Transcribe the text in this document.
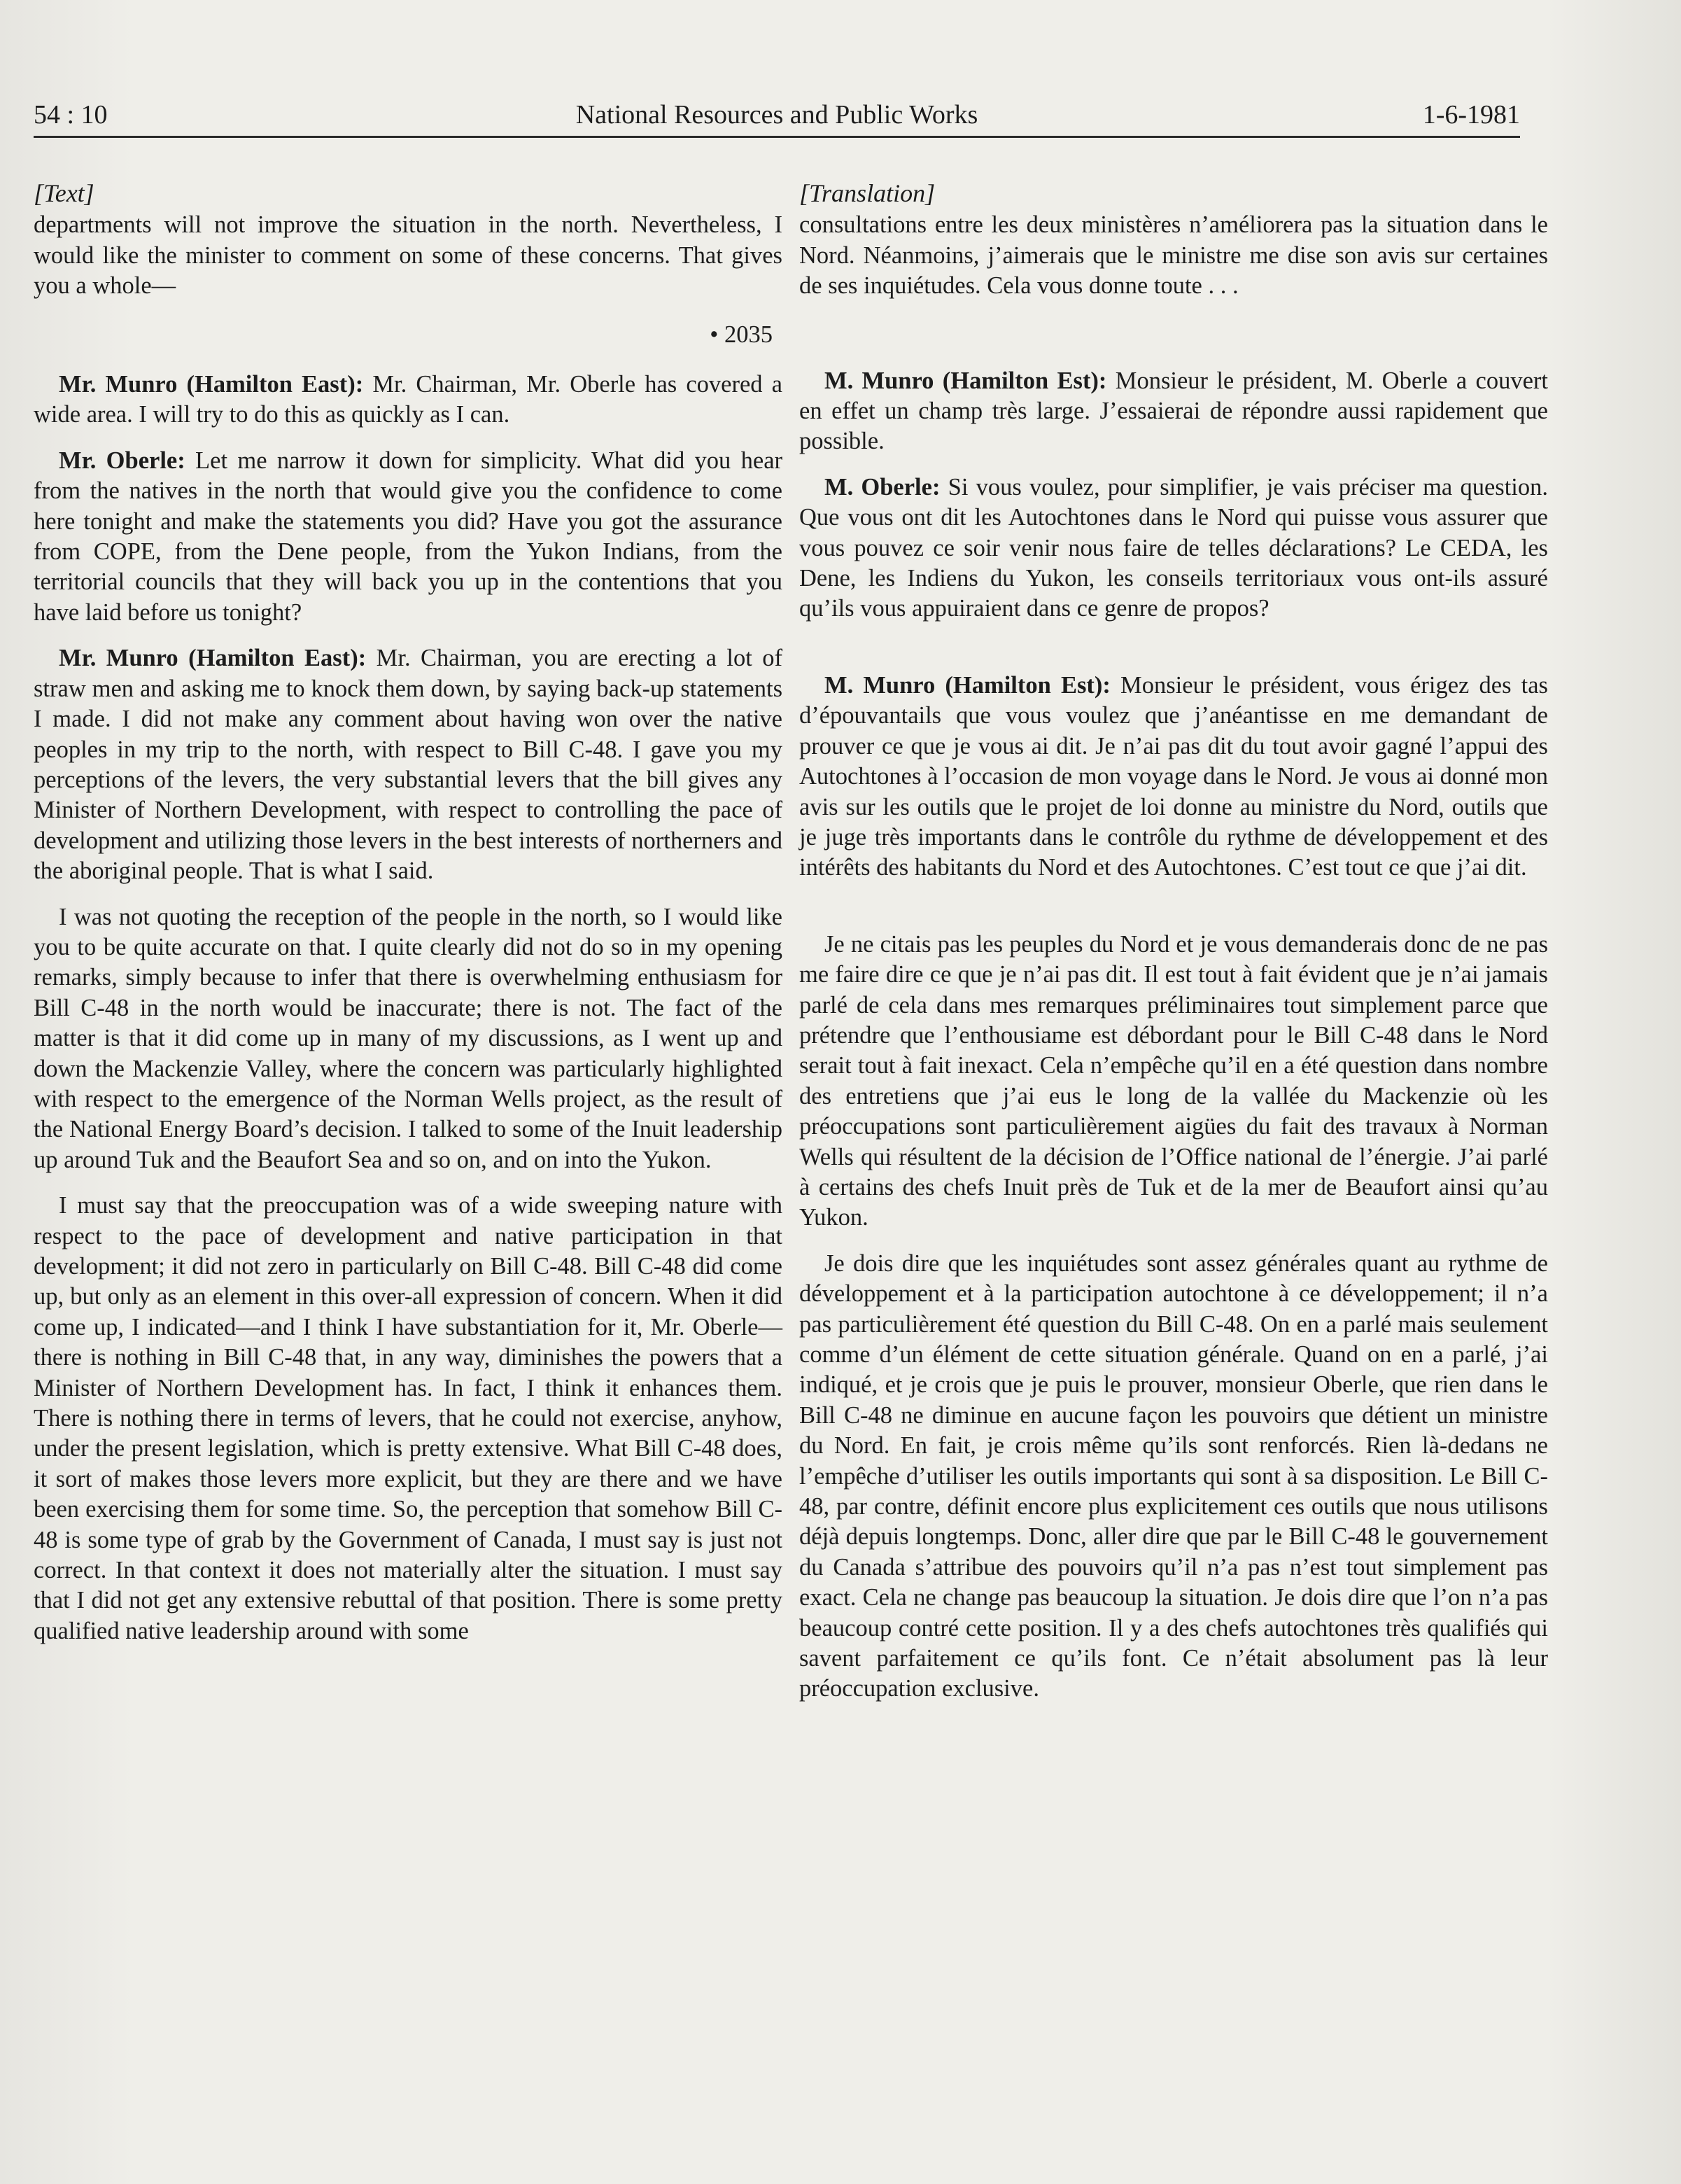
54 : 10	National Resources and Public Works	1-6-1981

[Text]

departments will not improve the situation in the north. Nevertheless, I would like the minister to comment on some of these concerns. That gives you a whole—

• 2035

Mr. Munro (Hamilton East): Mr. Chairman, Mr. Oberle has covered a wide area. I will try to do this as quickly as I can.

Mr. Oberle: Let me narrow it down for simplicity. What did you hear from the natives in the north that would give you the confidence to come here tonight and make the statements you did? Have you got the assurance from COPE, from the Dene people, from the Yukon Indians, from the territorial councils that they will back you up in the contentions that you have laid before us tonight?

Mr. Munro (Hamilton East): Mr. Chairman, you are erecting a lot of straw men and asking me to knock them down, by saying back-up statements I made. I did not make any comment about having won over the native peoples in my trip to the north, with respect to Bill C-48. I gave you my perceptions of the levers, the very substantial levers that the bill gives any Minister of Northern Development, with respect to controlling the pace of development and utilizing those levers in the best interests of northerners and the aboriginal people. That is what I said.

I was not quoting the reception of the people in the north, so I would like you to be quite accurate on that. I quite clearly did not do so in my opening remarks, simply because to infer that there is overwhelming enthusiasm for Bill C-48 in the north would be inaccurate; there is not. The fact of the matter is that it did come up in many of my discussions, as I went up and down the Mackenzie Valley, where the concern was particularly highlighted with respect to the emergence of the Norman Wells project, as the result of the National Energy Board’s decision. I talked to some of the Inuit leadership up around Tuk and the Beaufort Sea and so on, and on into the Yukon.

I must say that the preoccupation was of a wide sweeping nature with respect to the pace of development and native participation in that development; it did not zero in particularly on Bill C-48. Bill C-48 did come up, but only as an element in this over-all expression of concern. When it did come up, I indicated—and I think I have substantiation for it, Mr. Oberle—there is nothing in Bill C-48 that, in any way, diminishes the powers that a Minister of Northern Development has. In fact, I think it enhances them. There is nothing there in terms of levers, that he could not exercise, anyhow, under the present legislation, which is pretty extensive. What Bill C-48 does, it sort of makes those levers more explicit, but they are there and we have been exercising them for some time. So, the perception that somehow Bill C-48 is some type of grab by the Government of Canada, I must say is just not correct. In that context it does not materially alter the situation. I must say that I did not get any extensive rebuttal of that position. There is some pretty qualified native leadership around with some

[Translation]

consultations entre les deux ministères n’améliorera pas la situation dans le Nord. Néanmoins, j’aimerais que le ministre me dise son avis sur certaines de ses inquiétudes. Cela vous donne toute . . .

M. Munro (Hamilton Est): Monsieur le président, M. Oberle a couvert en effet un champ très large. J’essaierai de répondre aussi rapidement que possible.

M. Oberle: Si vous voulez, pour simplifier, je vais préciser ma question. Que vous ont dit les Autochtones dans le Nord qui puisse vous assurer que vous pouvez ce soir venir nous faire de telles déclarations? Le CEDA, les Dene, les Indiens du Yukon, les conseils territoriaux vous ont-ils assuré qu’ils vous appuiraient dans ce genre de propos?

M. Munro (Hamilton Est): Monsieur le président, vous érigez des tas d’épouvantails que vous voulez que j’anéantisse en me demandant de prouver ce que je vous ai dit. Je n’ai pas dit du tout avoir gagné l’appui des Autochtones à l’occasion de mon voyage dans le Nord. Je vous ai donné mon avis sur les outils que le projet de loi donne au ministre du Nord, outils que je juge très importants dans le contrôle du rythme de développement et des intérêts des habitants du Nord et des Autochtones. C’est tout ce que j’ai dit.

Je ne citais pas les peuples du Nord et je vous demanderais donc de ne pas me faire dire ce que je n’ai pas dit. Il est tout à fait évident que je n’ai jamais parlé de cela dans mes remarques préliminaires tout simplement parce que prétendre que l’enthousiame est débordant pour le Bill C-48 dans le Nord serait tout à fait inexact. Cela n’empêche qu’il en a été question dans nombre des entretiens que j’ai eus le long de la vallée du Mackenzie où les préoccupations sont particulièrement aigües du fait des travaux à Norman Wells qui résultent de la décision de l’Office national de l’énergie. J’ai parlé à certains des chefs Inuit près de Tuk et de la mer de Beaufort ainsi qu’au Yukon.

Je dois dire que les inquiétudes sont assez générales quant au rythme de développement et à la participation autochtone à ce développement; il n’a pas particulièrement été question du Bill C-48. On en a parlé mais seulement comme d’un élément de cette situation générale. Quand on en a parlé, j’ai indiqué, et je crois que je puis le prouver, monsieur Oberle, que rien dans le Bill C-48 ne diminue en aucune façon les pouvoirs que détient un ministre du Nord. En fait, je crois même qu’ils sont renforcés. Rien là-dedans ne l’empêche d’utiliser les outils importants qui sont à sa disposition. Le Bill C-48, par contre, définit encore plus explicitement ces outils que nous utilisons déjà depuis longtemps. Donc, aller dire que par le Bill C-48 le gouvernement du Canada s’attribue des pouvoirs qu’il n’a pas n’est tout simplement pas exact. Cela ne change pas beaucoup la situation. Je dois dire que l’on n’a pas beaucoup contré cette position. Il y a des chefs autochtones très qualifiés qui savent parfaitement ce qu’ils font. Ce n’était absolument pas là leur préoccupation exclusive.
